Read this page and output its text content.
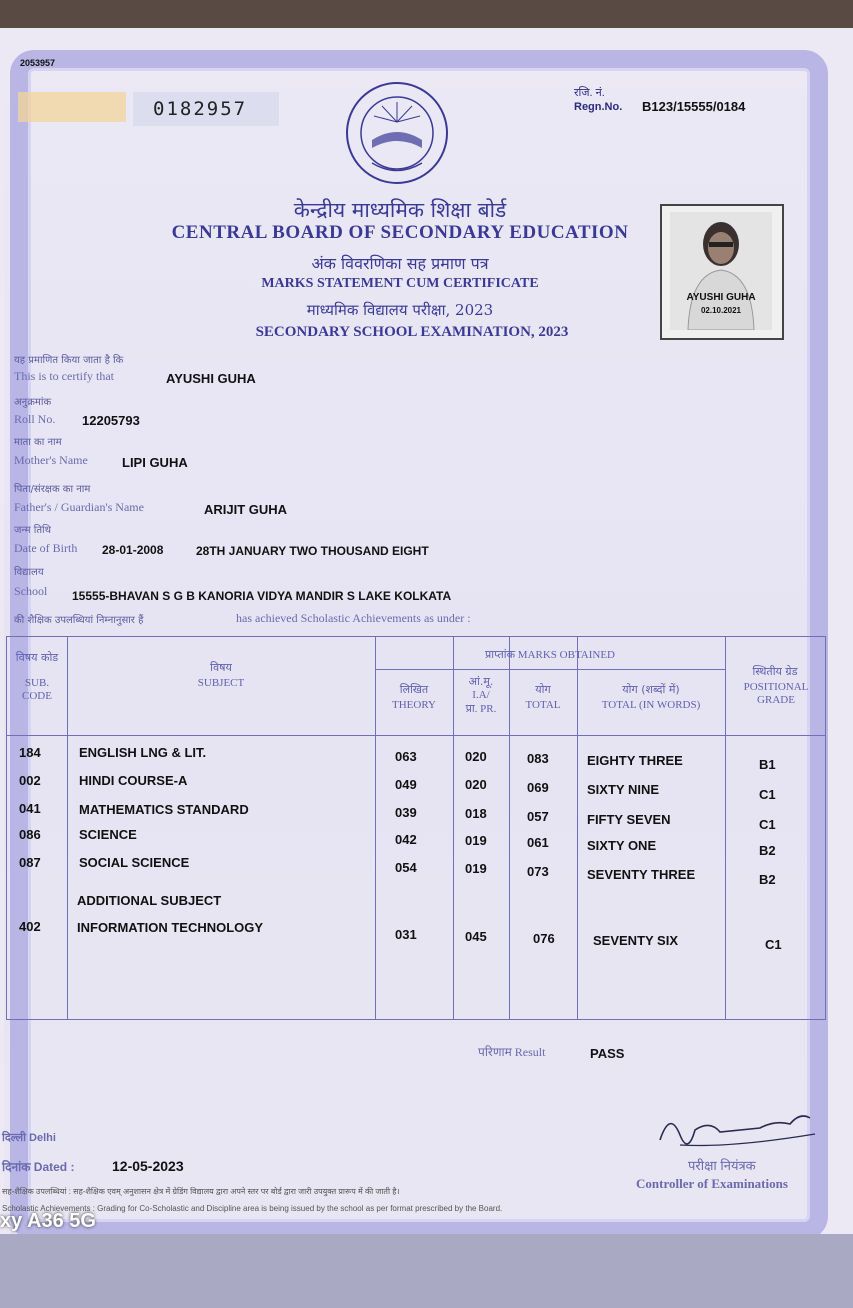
2053957
0182957
रजि. नं.
Regn.No. B123/15555/0184
केन्द्रीय माध्यमिक शिक्षा बोर्ड
CENTRAL BOARD OF SECONDARY EDUCATION
अंक विवरणिका सह प्रमाण पत्र
MARKS STATEMENT CUM CERTIFICATE
माध्यमिक विद्यालय परीक्षा, 2023
SECONDARY SCHOOL EXAMINATION, 2023
AYUSHI GUHA
02.10.2021
यह प्रमाणित किया जाता है कि
This is to certify that	AYUSHI GUHA
अनुक्रमांक
Roll No. 12205793
माता का नाम
Mother's Name	LIPI GUHA
पिता/संरक्षक का नाम
Father's / Guardian's Name	ARIJIT GUHA
जन्म तिथि
Date of Birth 28-01-2008	28TH JANUARY TWO THOUSAND EIGHT
विद्यालय
School 15555-BHAVAN S G B KANORIA VIDYA MANDIR S LAKE KOLKATA
की शैक्षिक उपलब्धियां निम्नानुसार हैं	has achieved Scholastic Achievements as under :
विषय कोड
SUB. CODE
विषय
SUBJECT
प्राप्तांक MARKS OBTAINED
लिखित
THEORY
आं.मू.
I.A/
प्रा. PR.
योग
TOTAL
योग (शब्दों में)
TOTAL (IN WORDS)
स्थितीय ग्रेड
POSITIONAL GRADE
184	ENGLISH LNG & LIT.	063	020	083	EIGHTY THREE	B1
002	HINDI COURSE-A	049	020	069	SIXTY NINE	C1
041	MATHEMATICS STANDARD	039	018	057	FIFTY SEVEN	C1
086	SCIENCE	042	019	061	SIXTY ONE	B2
087	SOCIAL SCIENCE	054	019	073	SEVENTY THREE	B2
ADDITIONAL SUBJECT
402	INFORMATION TECHNOLOGY	031	045	076	SEVENTY SIX	C1
परिणाम Result	PASS
परीक्षा नियंत्रक
Controller of Examinations
दिल्ली Delhi
दिनांक Dated :	12-05-2023
सह-शैक्षिक उपलब्धियां : सह-शैक्षिक एवम् अनुशासन क्षेत्र में ग्रेडिंग विद्यालय द्वारा अपने स्तर पर बोर्ड द्वारा जारी उपयुक्त प्रारूप में की जाती है।
Scholastic Achievements : Grading for Co-Scholastic and Discipline area is being issued by the school as per format prescribed by the Board.
xy A36 5G
